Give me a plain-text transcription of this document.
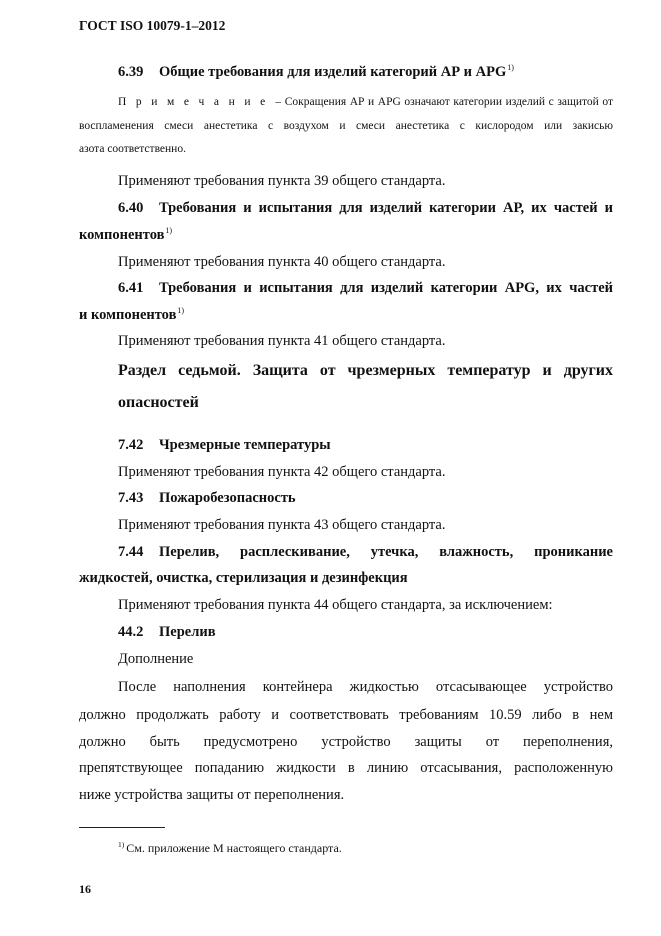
ГОСТ ISO 10079-1–2012

6.39 Общие требования для изделий категорий АР и APG$^{1)}$

П р и м е ч а н и е – Сокращения АР и APG означают категории изделий с защитой от

воспламенения смеси анестетика с воздухом и смеси анестетика с кислородом или закисью

азота соответственно.

Применяют требования пункта 39 общего стандарта.

6.40 Требования и испытания для изделий категории АР, их частей и

компонентов$^{1)}$

Применяют требования пункта 40 общего стандарта.

6.41 Требования и испытания для изделий категории APG, их частей

и компонентов$^{1)}$

Применяют требования пункта 41 общего стандарта.

Раздел седьмой. Защита от чрезмерных температур и других

опасностей

7.42 Чрезмерные температуры

Применяют требования пункта 42 общего стандарта.

7.43 Пожаробезопасность

Применяют требования пункта 43 общего стандарта.

7.44 Перелив, расплескивание, утечка, влажность, проникание

жидкостей, очистка, стерилизация и дезинфекция

Применяют требования пункта 44 общего стандарта, за исключением:

44.2 Перелив

Дополнение

После наполнения контейнера жидкостью отсасывающее устройство

должно продолжать работу и соответствовать требованиям 10.59 либо в нем

должно быть предусмотрено устройство защиты от переполнения,

препятствующее попаданию жидкости в линию отсасывания, расположенную

ниже устройства защиты от переполнения.

$^{1)}$ См. приложение М настоящего стандарта.

16
